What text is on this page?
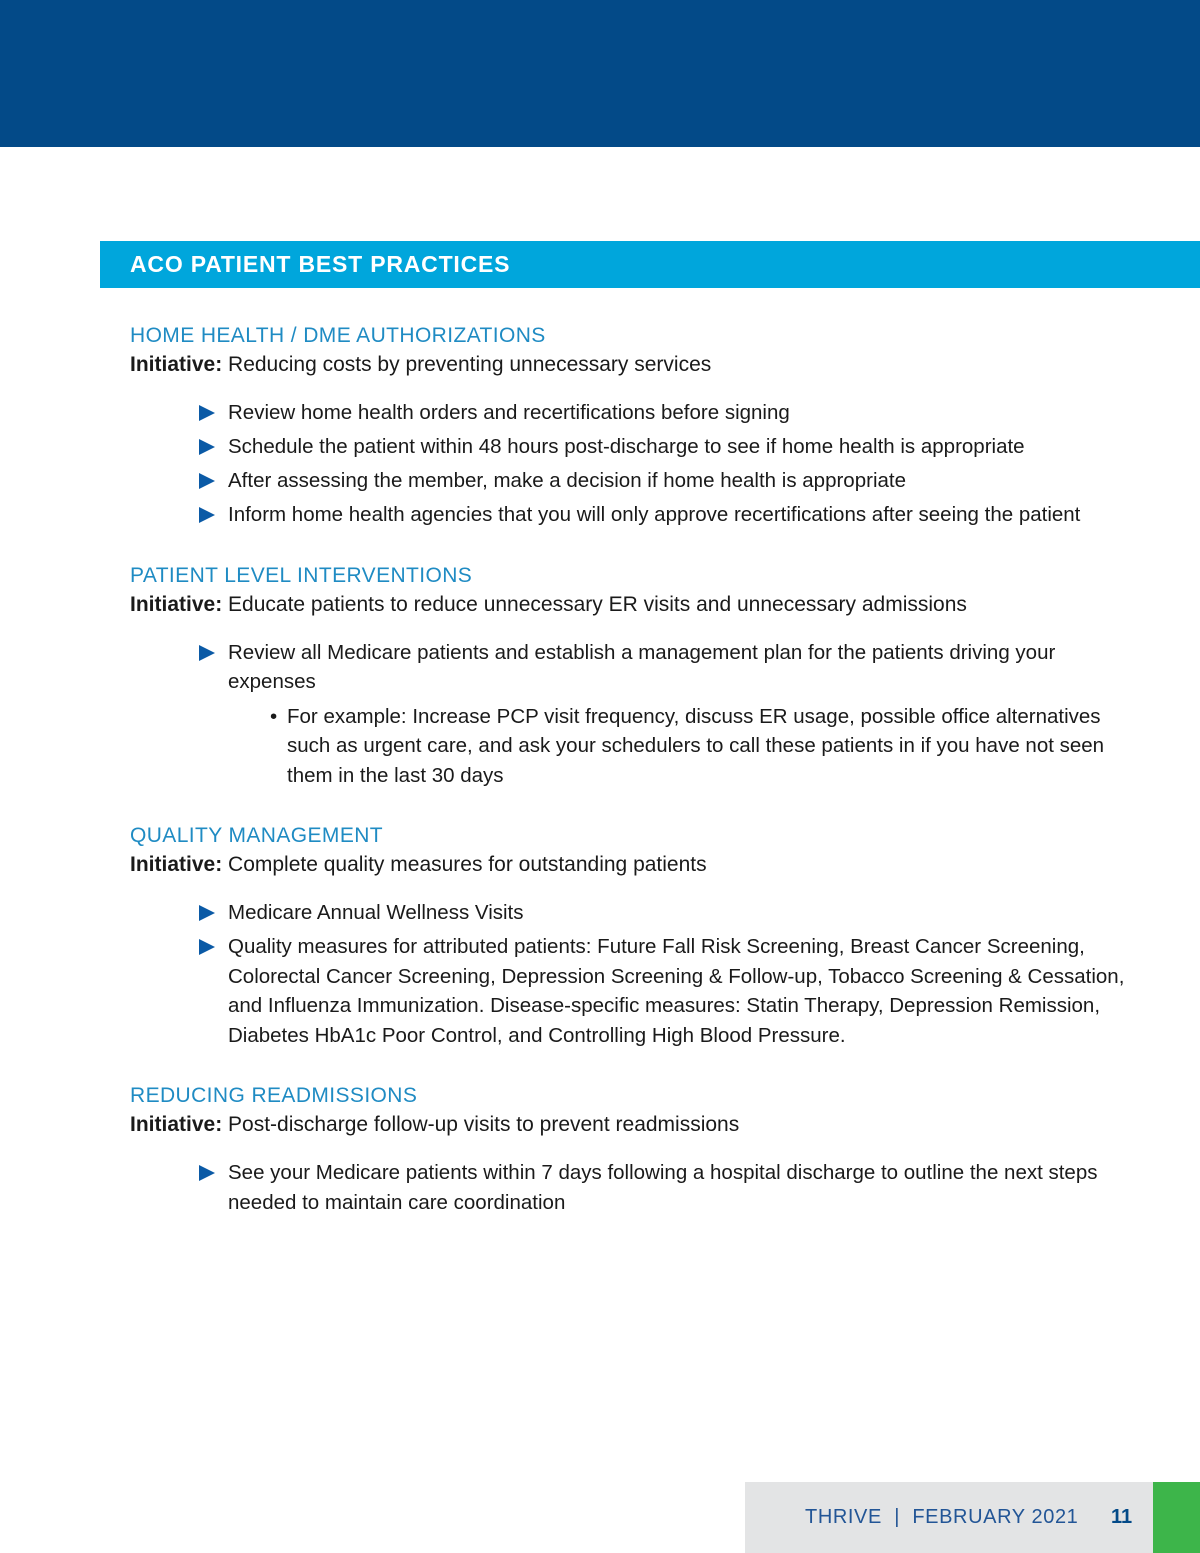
ACO PATIENT BEST PRACTICES
HOME HEALTH / DME AUTHORIZATIONS
Initiative: Reducing costs by preventing unnecessary services
Review home health orders and recertifications before signing
Schedule the patient within 48 hours post-discharge to see if home health is appropriate
After assessing the member, make a decision if home health is appropriate
Inform home health agencies that you will only approve recertifications after seeing the patient
PATIENT LEVEL INTERVENTIONS
Initiative: Educate patients to reduce unnecessary ER visits and unnecessary admissions
Review all Medicare patients and establish a management plan for the patients driving your expenses
• For example: Increase PCP visit frequency, discuss ER usage, possible office alternatives such as urgent care, and ask your schedulers to call these patients in if you have not seen them in the last 30 days
QUALITY MANAGEMENT
Initiative: Complete quality measures for outstanding patients
Medicare Annual Wellness Visits
Quality measures for attributed patients: Future Fall Risk Screening, Breast Cancer Screening, Colorectal Cancer Screening, Depression Screening & Follow-up, Tobacco Screening & Cessation, and Influenza Immunization. Disease-specific measures: Statin Therapy, Depression Remission, Diabetes HbA1c Poor Control, and Controlling High Blood Pressure.
REDUCING READMISSIONS
Initiative: Post-discharge follow-up visits to prevent readmissions
See your Medicare patients within 7 days following a hospital discharge to outline the next steps needed to maintain care coordination
THRIVE  |  FEBRUARY 2021 11
